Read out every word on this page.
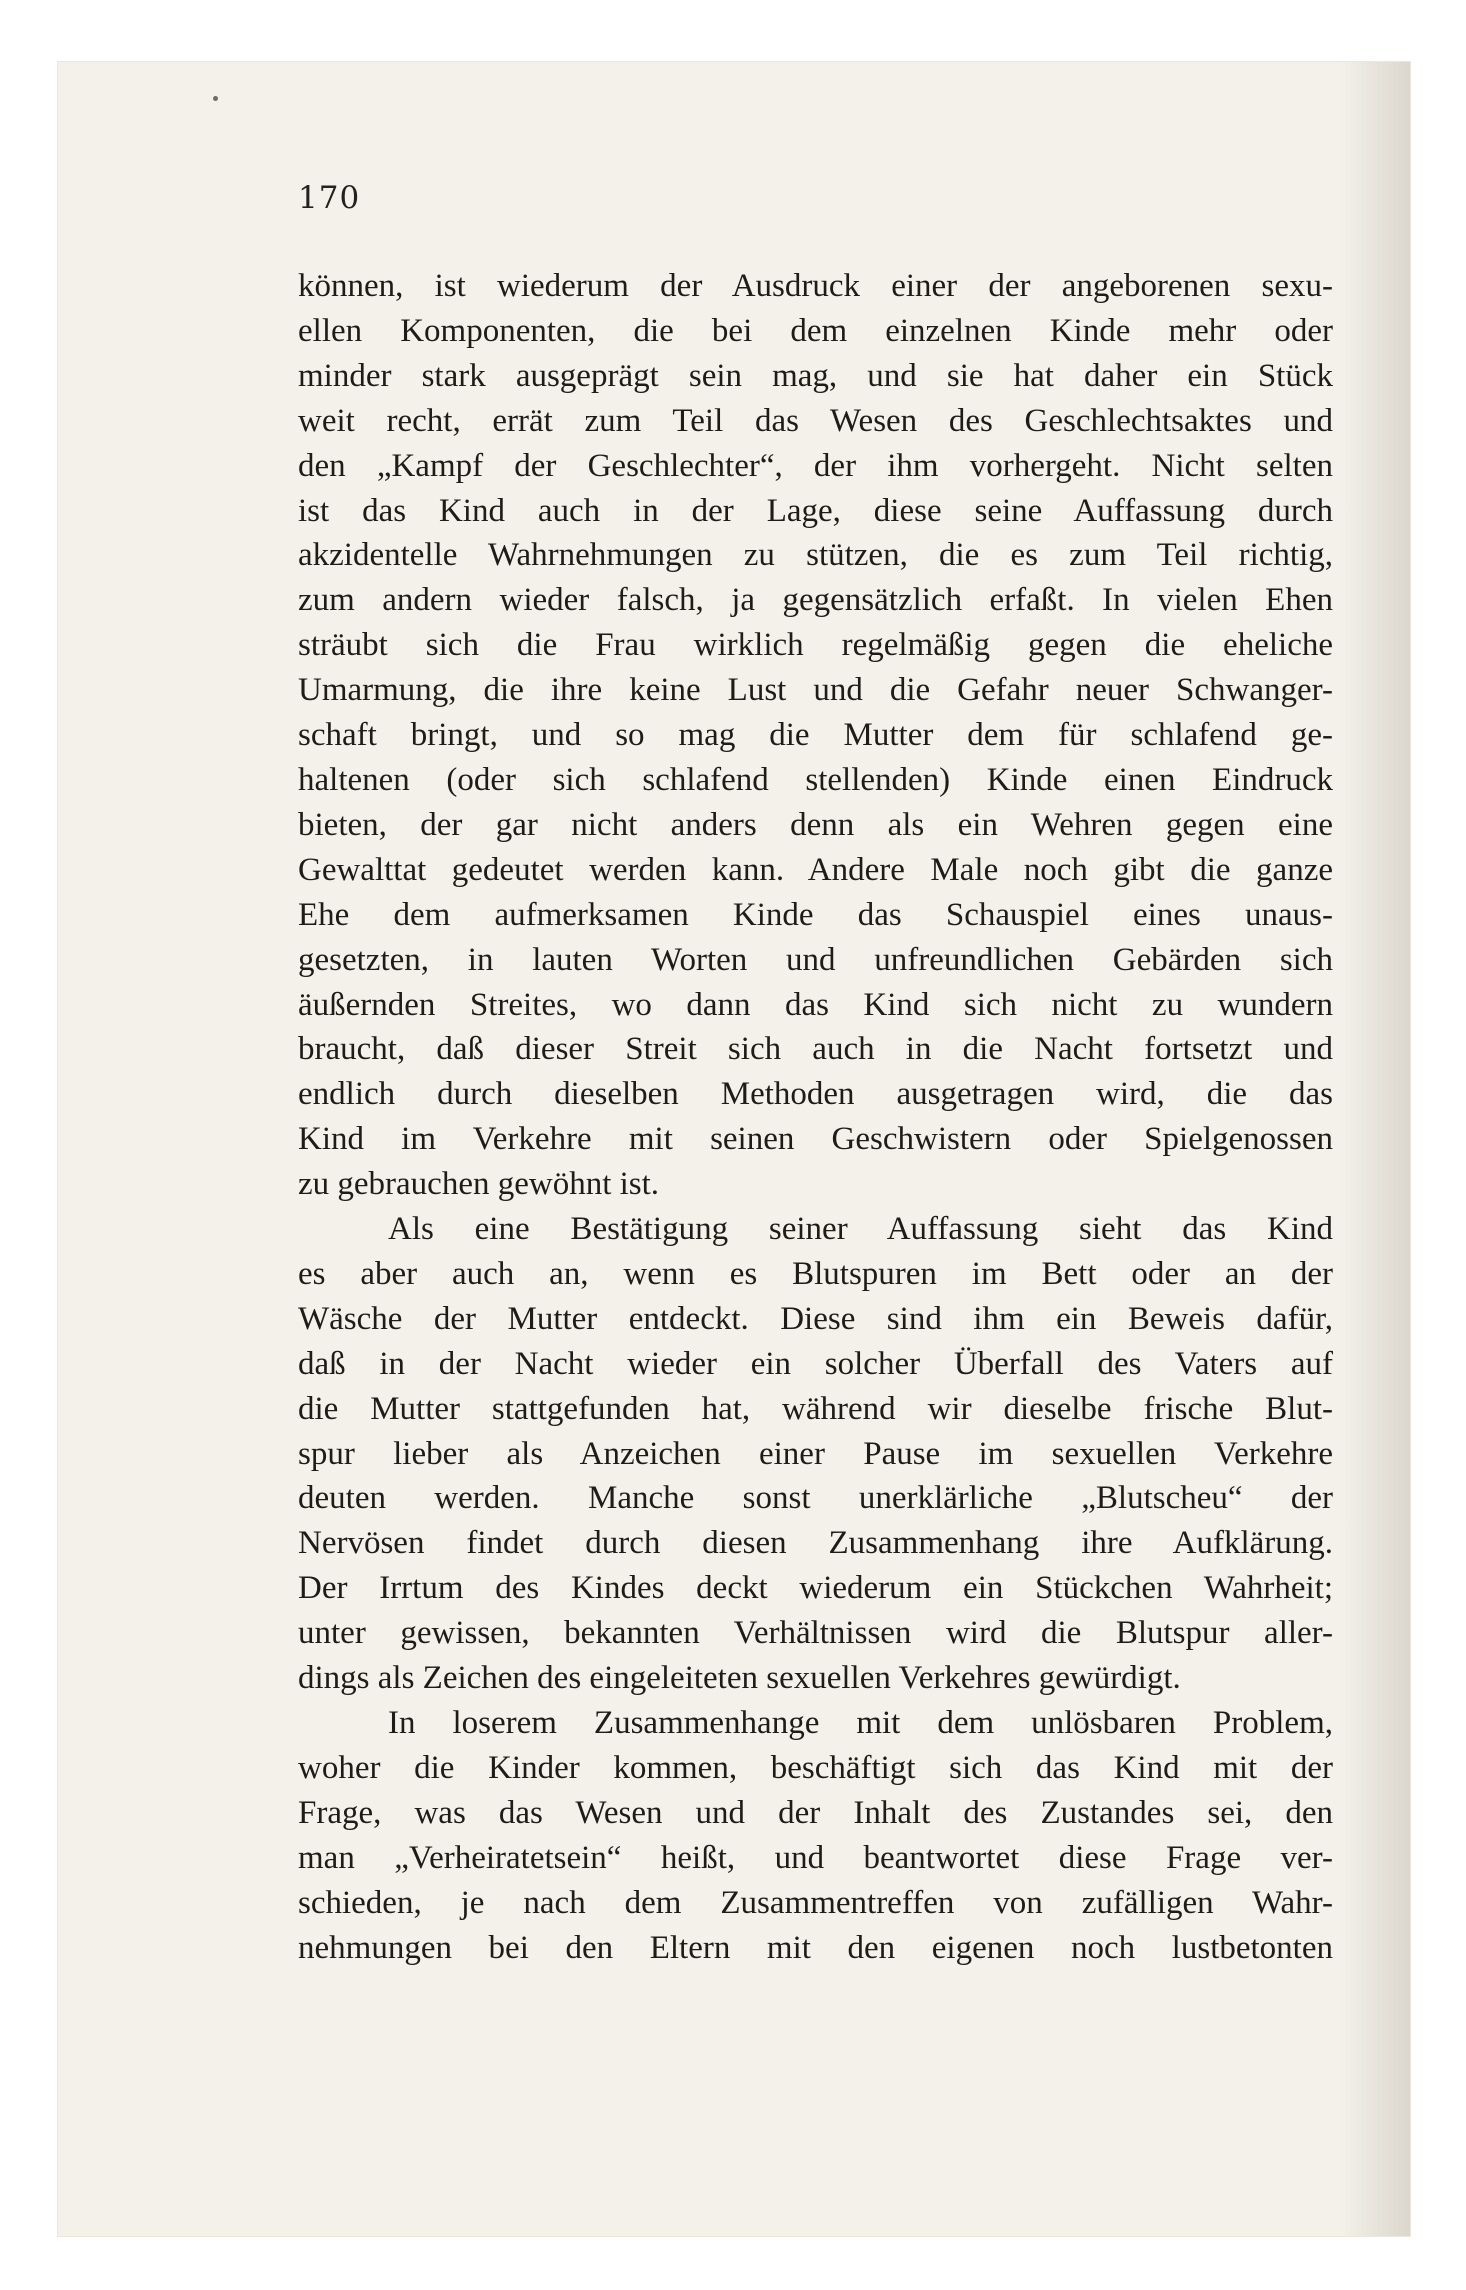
170

können, ist wiederum der Ausdruck einer der angeborenen sexu-
ellen Komponenten, die bei dem einzelnen Kinde mehr oder
minder stark ausgeprägt sein mag, und sie hat daher ein Stück
weit recht, errät zum Teil das Wesen des Geschlechtsaktes und
den „Kampf der Geschlechter“, der ihm vorhergeht. Nicht selten
ist das Kind auch in der Lage, diese seine Auffassung durch
akzidentelle Wahrnehmungen zu stützen, die es zum Teil richtig,
zum andern wieder falsch, ja gegensätzlich erfaßt. In vielen Ehen
sträubt sich die Frau wirklich regelmäßig gegen die eheliche
Umarmung, die ihre keine Lust und die Gefahr neuer Schwanger-
schaft bringt, und so mag die Mutter dem für schlafend ge-
haltenen (oder sich schlafend stellenden) Kinde einen Eindruck
bieten, der gar nicht anders denn als ein Wehren gegen eine
Gewalttat gedeutet werden kann. Andere Male noch gibt die ganze
Ehe dem aufmerksamen Kinde das Schauspiel eines unaus-
gesetzten, in lauten Worten und unfreundlichen Gebärden sich
äußernden Streites, wo dann das Kind sich nicht zu wundern
braucht, daß dieser Streit sich auch in die Nacht fortsetzt und
endlich durch dieselben Methoden ausgetragen wird, die das
Kind im Verkehre mit seinen Geschwistern oder Spielgenossen
zu gebrauchen gewöhnt ist.
Als eine Bestätigung seiner Auffassung sieht das Kind
es aber auch an, wenn es Blutspuren im Bett oder an der
Wäsche der Mutter entdeckt. Diese sind ihm ein Beweis dafür,
daß in der Nacht wieder ein solcher Überfall des Vaters auf
die Mutter stattgefunden hat, während wir dieselbe frische Blut-
spur lieber als Anzeichen einer Pause im sexuellen Verkehre
deuten werden. Manche sonst unerklärliche „Blutscheu“ der
Nervösen findet durch diesen Zusammenhang ihre Aufklärung.
Der Irrtum des Kindes deckt wiederum ein Stückchen Wahrheit;
unter gewissen, bekannten Verhältnissen wird die Blutspur aller-
dings als Zeichen des eingeleiteten sexuellen Verkehres gewürdigt.
In loserem Zusammenhange mit dem unlösbaren Problem,
woher die Kinder kommen, beschäftigt sich das Kind mit der
Frage, was das Wesen und der Inhalt des Zustandes sei, den
man „Verheiratetsein“ heißt, und beantwortet diese Frage ver-
schieden, je nach dem Zusammentreffen von zufälligen Wahr-
nehmungen bei den Eltern mit den eigenen noch lustbetonten
